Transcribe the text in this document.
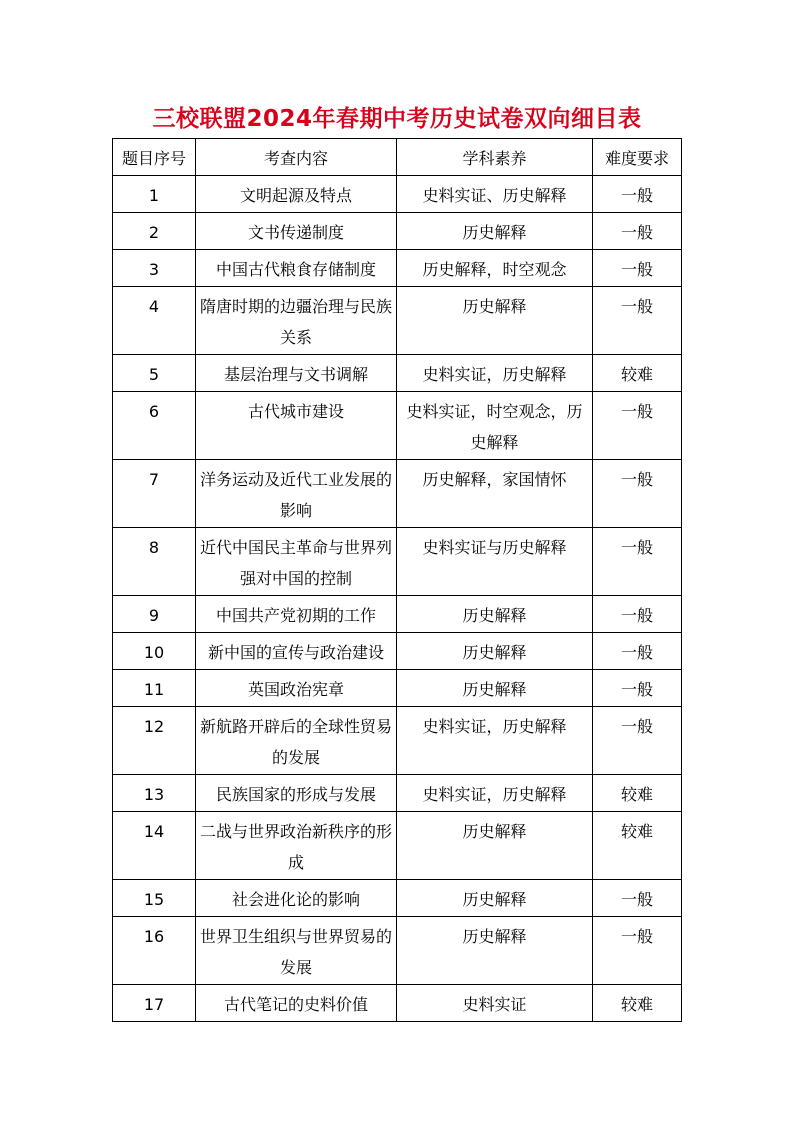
三校联盟2024年春期中考历史试卷双向细目表
题目序号	考查内容	学科素养	难度要求
1	文明起源及特点	史料实证、历史解释	一般
2	文书传递制度	历史解释	一般
3	中国古代粮食存储制度	历史解释，时空观念	一般
4	隋唐时期的边疆治理与民族关系	历史解释	一般
5	基层治理与文书调解	史料实证，历史解释	较难
6	古代城市建设	史料实证，时空观念，历史解释	一般
7	洋务运动及近代工业发展的影响	历史解释，家国情怀	一般
8	近代中国民主革命与世界列强对中国的控制	史料实证与历史解释	一般
9	中国共产党初期的工作	历史解释	一般
10	新中国的宣传与政治建设	历史解释	一般
11	英国政治宪章	历史解释	一般
12	新航路开辟后的全球性贸易的发展	史料实证，历史解释	一般
13	民族国家的形成与发展	史料实证，历史解释	较难
14	二战与世界政治新秩序的形成	历史解释	较难
15	社会进化论的影响	历史解释	一般
16	世界卫生组织与世界贸易的发展	历史解释	一般
17	古代笔记的史料价值	史料实证	较难
